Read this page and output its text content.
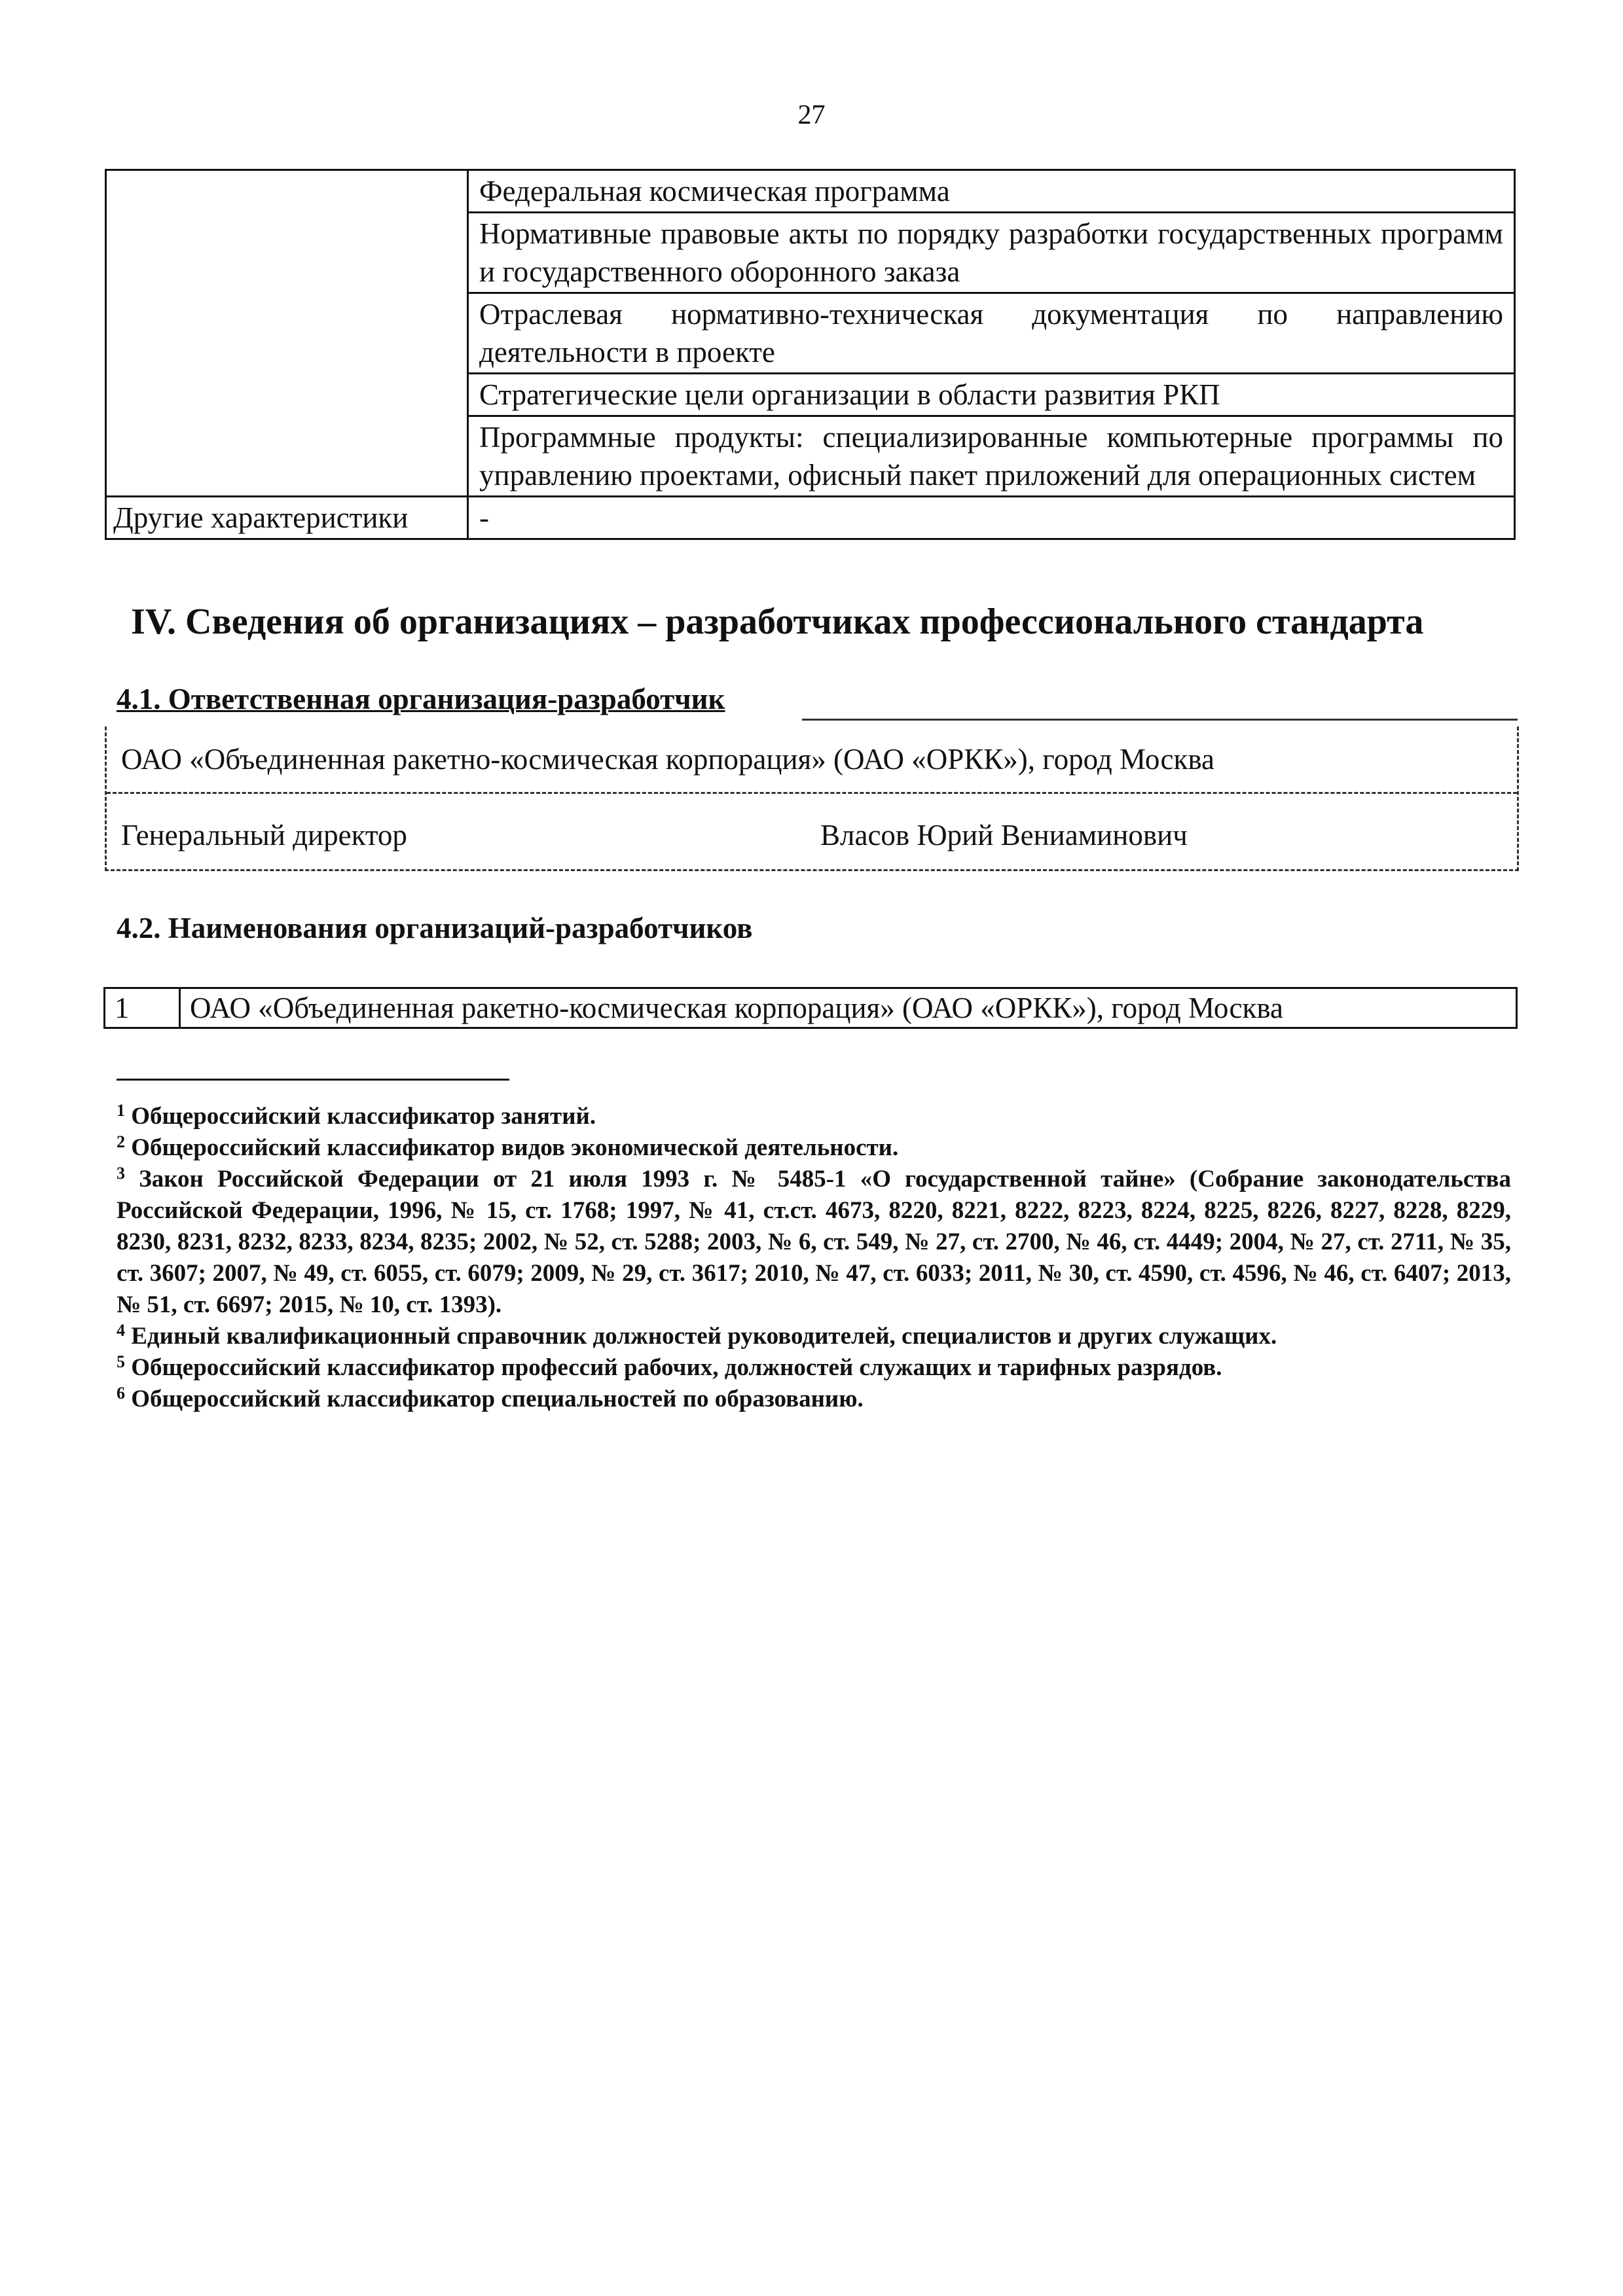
27
	Федеральная космическая программа
	Нормативные правовые акты по порядку разработки государственных программ и государственного оборонного заказа
	Отраслевая нормативно-техническая документация по направлению деятельности в проекте
	Стратегические цели организации в области развития РКП
	Программные продукты: специализированные компьютерные программы по управлению проектами, офисный пакет приложений для операционных систем
Другие характеристики	-
IV. Сведения об организациях – разработчиках профессионального стандарта
4.1. Ответственная организация-разработчик
ОАО «Объединенная ракетно-космическая корпорация» (ОАО «ОРКК»), город Москва
Генеральный директор	Власов Юрий Вениаминович
4.2. Наименования организаций-разработчиков
1	ОАО «Объединенная ракетно-космическая корпорация» (ОАО «ОРКК»), город Москва

$^1$ Общероссийский классификатор занятий.

$^2$ Общероссийский классификатор видов экономической деятельности.

$^3$ Закон Российской Федерации от 21 июля 1993 г. № 5485-1 «О государственной тайне» (Собрание законодательства Российской Федерации, 1996, № 15, ст. 1768; 1997, № 41, ст.ст. 4673, 8220, 8221, 8222, 8223, 8224, 8225, 8226, 8227, 8228, 8229, 8230, 8231, 8232, 8233, 8234, 8235; 2002, № 52, ст. 5288; 2003, № 6, ст. 549, № 27, ст. 2700, № 46, ст. 4449; 2004, № 27, ст. 2711, № 35, ст. 3607; 2007, № 49, ст. 6055, ст. 6079; 2009, № 29, ст. 3617; 2010, № 47, ст. 6033; 2011, № 30, ст. 4590, ст. 4596, № 46, ст. 6407; 2013, № 51, ст. 6697; 2015, № 10, ст. 1393).

$^4$ Единый квалификационный справочник должностей руководителей, специалистов и других служащих.

$^5$ Общероссийский классификатор профессий рабочих, должностей служащих и тарифных разрядов.

$^6$ Общероссийский классификатор специальностей по образованию.
